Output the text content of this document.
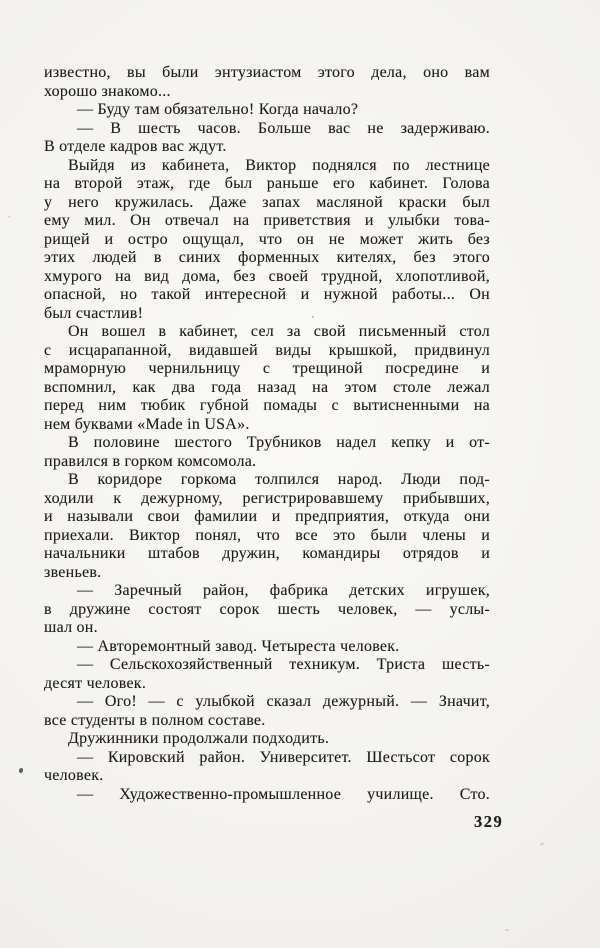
известно, вы были энтузиастом этого дела, оно вам
хорошо знакомо...
— Буду там обязательно! Когда начало?
— В шесть часов. Больше вас не задерживаю.
В отделе кадров вас ждут.
Выйдя из кабинета, Виктор поднялся по лестнице
на второй этаж, где был раньше его кабинет. Голова
у него кружилась. Даже запах масляной краски был
ему мил. Он отвечал на приветствия и улыбки това-
рищей и остро ощущал, что он не может жить без
этих людей в синих форменных кителях, без этого
хмурого на вид дома, без своей трудной, хлопотливой,
опасной, но такой интересной и нужной работы... Он
был счастлив!
Он вошел в кабинет, сел за свой письменный стол
с исцарапанной, видавшей виды крышкой, придвинул
мраморную чернильницу с трещиной посредине и
вспомнил, как два года назад на этом столе лежал
перед ним тюбик губной помады с вытисненными на
нем буквами «Made in USA».
В половине шестого Трубников надел кепку и от-
правился в горком комсомола.
В коридоре горкома толпился народ. Люди под-
ходили к дежурному, регистрировавшему прибывших,
и называли свои фамилии и предприятия, откуда они
приехали. Виктор понял, что все это были члены и
начальники штабов дружин, командиры отрядов и
звеньев.
— Заречный район, фабрика детских игрушек,
в дружине состоят сорок шесть человек, — услы-
шал он.
— Авторемонтный завод. Четыреста человек.
— Сельскохозяйственный техникум. Триста шесть-
десят человек.
— Ого! — с улыбкой сказал дежурный. — Значит,
все студенты в полном составе.
Дружинники продолжали подходить.
— Кировский район. Университет. Шестьсот сорок
человек.
— Художественно-промышленное училище. Сто.
329
